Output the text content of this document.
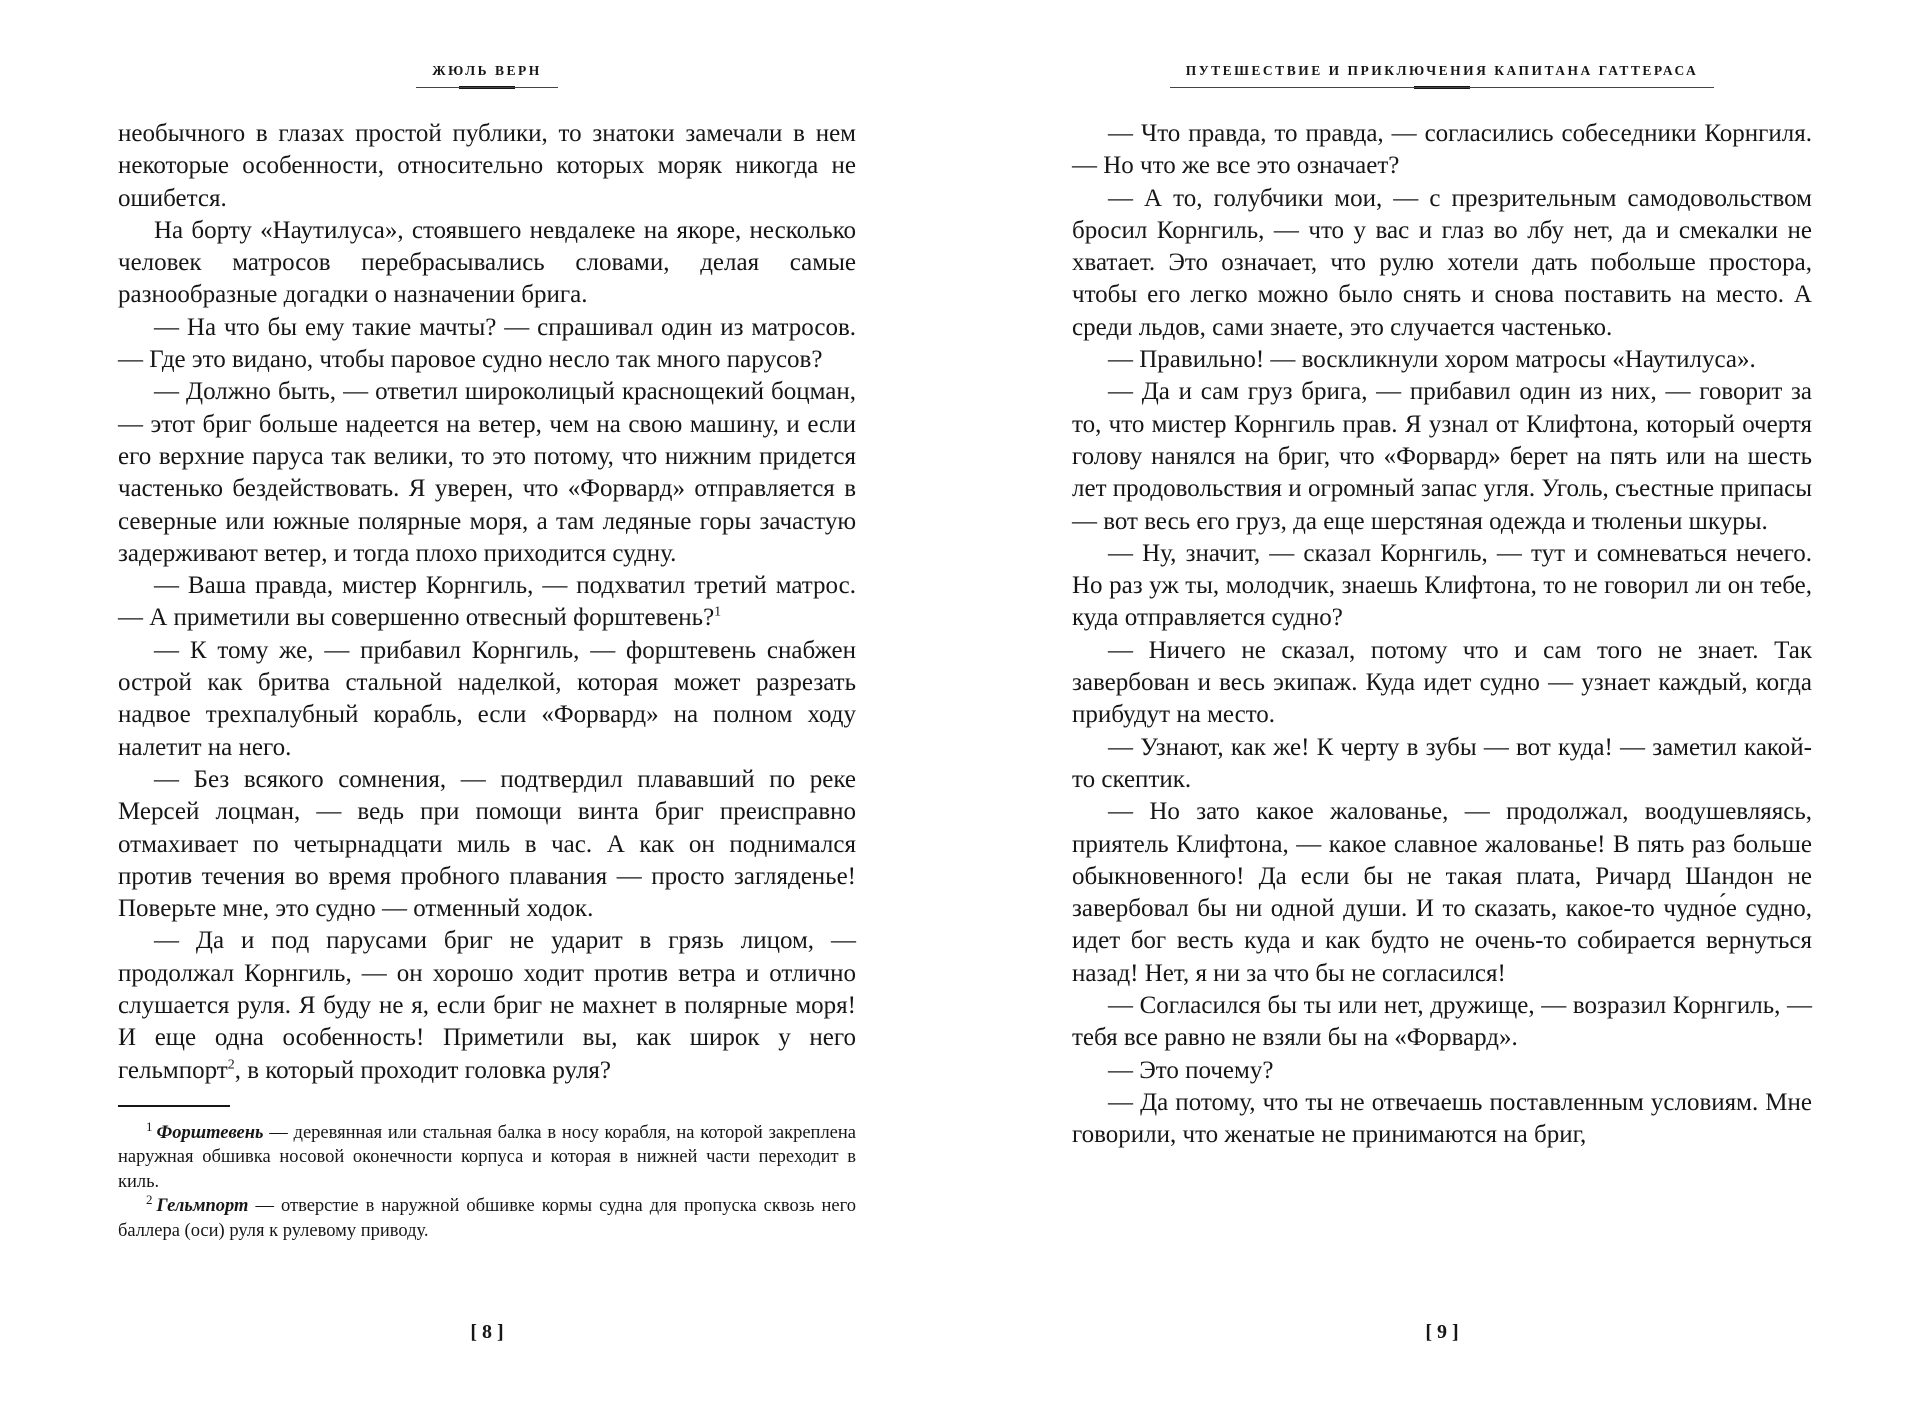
ЖЮЛЬ ВЕРН

необычного в глазах простой публики, то знатоки замечали в нем некоторые особенности, относительно которых моряк никогда не ошибется.

На борту «Наутилуса», стоявшего невдалеке на якоре, несколько человек матросов перебрасывались словами, делая самые разнообразные догадки о назначении брига.

— На что бы ему такие мачты? — спрашивал один из матросов. — Где это видано, чтобы паровое судно несло так много парусов?

— Должно быть, — ответил широколицый краснощекий боцман, — этот бриг больше надеется на ветер, чем на свою машину, и если его верхние паруса так велики, то это потому, что нижним придется частенько бездействовать. Я уверен, что «Форвард» отправляется в северные или южные полярные моря, а там ледяные горы зачастую задерживают ветер, и тогда плохо приходится судну.

— Ваша правда, мистер Корнгиль, — подхватил третий матрос. — А приметили вы совершенно отвесный форштевень?$^1$

— К тому же, — прибавил Корнгиль, — форштевень снабжен острой как бритва стальной наделкой, которая может разрезать надвое трехпалубный корабль, если «Форвард» на полном ходу налетит на него.

— Без всякого сомнения, — подтвердил плававший по реке Мерсей лоцман, — ведь при помощи винта бриг преисправно отмахивает по четырнадцати миль в час. А как он поднимался против течения во время пробного плавания — просто загляденье! Поверьте мне, это судно — отменный ходок.

— Да и под парусами бриг не ударит в грязь лицом, — продолжал Корнгиль, — он хорошо ходит против ветра и отлично слушается руля. Я буду не я, если бриг не махнет в полярные моря! И еще одна особенность! Приметили вы, как широк у него гельмпорт$^2$, в который проходит головка руля?

$^1$ Форштевень — деревянная или стальная балка в носу корабля, на которой закреплена наружная обшивка носовой оконечности корпуса и которая в нижней части переходит в киль.

$^2$ Гельмпорт — отверстие в наружной обшивке кормы судна для пропуска сквозь него баллера (оси) руля к рулевому приводу.

[ 8 ]
ПУТЕШЕСТВИЕ И ПРИКЛЮЧЕНИЯ КАПИТАНА ГАТТЕРАСА

— Что правда, то правда, — согласились собеседники Корнгиля. — Но что же все это означает?

— А то, голубчики мои, — с презрительным самодовольством бросил Корнгиль, — что у вас и глаз во лбу нет, да и смекалки не хватает. Это означает, что рулю хотели дать побольше простора, чтобы его легко можно было снять и снова поставить на место. А среди льдов, сами знаете, это случается частенько.

— Правильно! — воскликнули хором матросы «Наутилуса».

— Да и сам груз брига, — прибавил один из них, — говорит за то, что мистер Корнгиль прав. Я узнал от Клифтона, который очертя голову нанялся на бриг, что «Форвард» берет на пять или на шесть лет продовольствия и огромный запас угля. Уголь, съестные припасы — вот весь его груз, да еще шерстяная одежда и тюленьи шкуры.

— Ну, значит, — сказал Корнгиль, — тут и сомневаться нечего. Но раз уж ты, молодчик, знаешь Клифтона, то не говорил ли он тебе, куда отправляется судно?

— Ничего не сказал, потому что и сам того не знает. Так завербован и весь экипаж. Куда идет судно — узнает каждый, когда прибудут на место.

— Узнают, как же! К черту в зубы — вот куда! — заметил какой-то скептик.

— Но зато какое жалованье, — продолжал, воодушевляясь, приятель Клифтона, — какое славное жалованье! В пять раз больше обыкновенного! Да если бы не такая плата, Ричард Шандон не завербовал бы ни одной души. И то сказать, какое-то чудно́е судно, идет бог весть куда и как будто не очень-то собирается вернуться назад! Нет, я ни за что бы не согласился!

— Согласился бы ты или нет, дружище, — возразил Корнгиль, — тебя все равно не взяли бы на «Форвард».

— Это почему?

— Да потому, что ты не отвечаешь поставленным условиям. Мне говорили, что женатые не принимаются на бриг,

[ 9 ]
